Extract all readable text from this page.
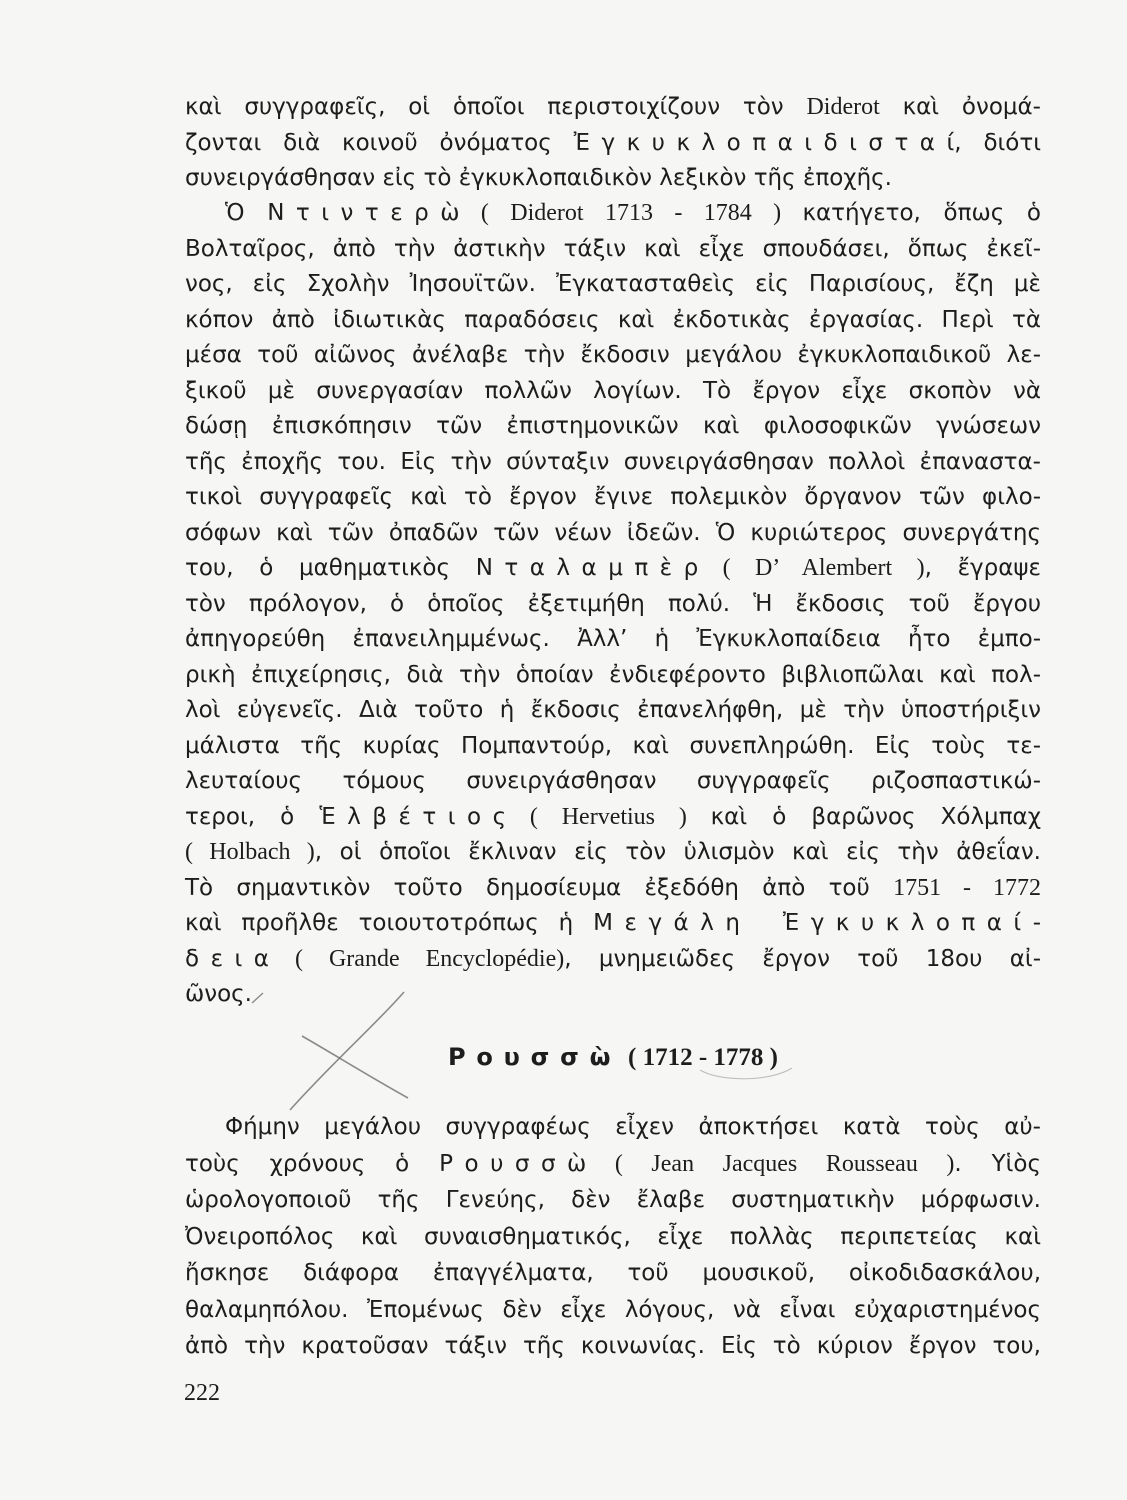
καὶ συγγραφεῖς, οἱ ὁποῖοι περιστοιχίζουν τὸν Diderot καὶ ὀνομά-
ζονται διὰ κοινοῦ ὀνόματος Ἐγκυκλοπαιδισταί, διότι
συνειργάσθησαν εἰς τὸ ἐγκυκλοπαιδικὸν λεξικὸν τῆς ἐποχῆς.
Ὁ Ντιντερὼ ( Diderot 1713 - 1784 ) κατήγετο, ὅπως ὁ
Βολταῖρος, ἀπὸ τὴν ἀστικὴν τάξιν καὶ εἶχε σπουδάσει, ὅπως ἐκεῖ-
νος, εἰς Σχολὴν Ἰησουϊτῶν. Ἐγκατασταθεὶς εἰς Παρισίους, ἔζη μὲ
κόπον ἀπὸ ἰδιωτικὰς παραδόσεις καὶ ἐκδοτικὰς ἐργασίας. Περὶ τὰ
μέσα τοῦ αἰῶνος ἀνέλαβε τὴν ἔκδοσιν μεγάλου ἐγκυκλοπαιδικοῦ λε-
ξικοῦ μὲ συνεργασίαν πολλῶν λογίων. Τὸ ἔργον εἶχε σκοπὸν νὰ
δώσῃ ἐπισκόπησιν τῶν ἐπιστημονικῶν καὶ φιλοσοφικῶν γνώσεων
τῆς ἐποχῆς του. Εἰς τὴν σύνταξιν συνειργάσθησαν πολλοὶ ἐπαναστα-
τικοὶ συγγραφεῖς καὶ τὸ ἔργον ἔγινε πολεμικὸν ὄργανον τῶν φιλο-
σόφων καὶ τῶν ὀπαδῶν τῶν νέων ἰδεῶν. Ὁ κυριώτερος συνεργάτης
του, ὁ μαθηματικὸς Νταλαμπὲρ ( D’ Alembert ), ἔγραψε
τὸν πρόλογον, ὁ ὁποῖος ἐξετιμήθη πολύ. Ἡ ἔκδοσις τοῦ ἔργου
ἀπηγορεύθη ἐπανειλημμένως. Ἀλλ’ ἡ Ἐγκυκλοπαίδεια ἦτο ἐμπο-
ρικὴ ἐπιχείρησις, διὰ τὴν ὁποίαν ἐνδιεφέροντο βιβλιοπῶλαι καὶ πολ-
λοὶ εὐγενεῖς. Διὰ τοῦτο ἡ ἔκδοσις ἐπανελήφθη, μὲ τὴν ὑποστήριξιν
μάλιστα τῆς κυρίας Πομπαντούρ, καὶ συνεπληρώθη. Εἰς τοὺς τε-
λευταίους τόμους συνειργάσθησαν συγγραφεῖς ριζοσπαστικώ-
τεροι, ὁ Ἑλβέτιος ( Hervetius ) καὶ ὁ βαρῶνος Χόλμπαχ
( Holbach ), οἱ ὁποῖοι ἔκλιναν εἰς τὸν ὑλισμὸν καὶ εἰς τὴν ἀθεΐαν.
Τὸ σημαντικὸν τοῦτο δημοσίευμα ἐξεδόθη ἀπὸ τοῦ 1751 - 1772
καὶ προῆλθε τοιουτοτρόπως ἡ Μεγάλη Ἐγκυκλοπαί-
δεια ( Grande Encyclopédie), μνημειῶδες ἔργον τοῦ 18ου αἰ-
ῶνος.
Ρουσσὼ ( 1712 - 1778 )
Φήμην μεγάλου συγγραφέως εἶχεν ἀποκτήσει κατὰ τοὺς αὐ-
τοὺς χρόνους ὁ Ρουσσὼ ( Jean Jacques Rousseau ). Υἱὸς
ὡρολογοποιοῦ τῆς Γενεύης, δὲν ἔλαβε συστηματικὴν μόρφωσιν.
Ὀνειροπόλος καὶ συναισθηματικός, εἶχε πολλὰς περιπετείας καὶ
ἤσκησε διάφορα ἐπαγγέλματα, τοῦ μουσικοῦ, οἰκοδιδασκάλου,
θαλαμηπόλου. Ἐπομένως δὲν εἶχε λόγους, νὰ εἶναι εὐχαριστημένος
ἀπὸ τὴν κρατοῦσαν τάξιν τῆς κοινωνίας. Εἰς τὸ κύριον ἔργον του,
222
